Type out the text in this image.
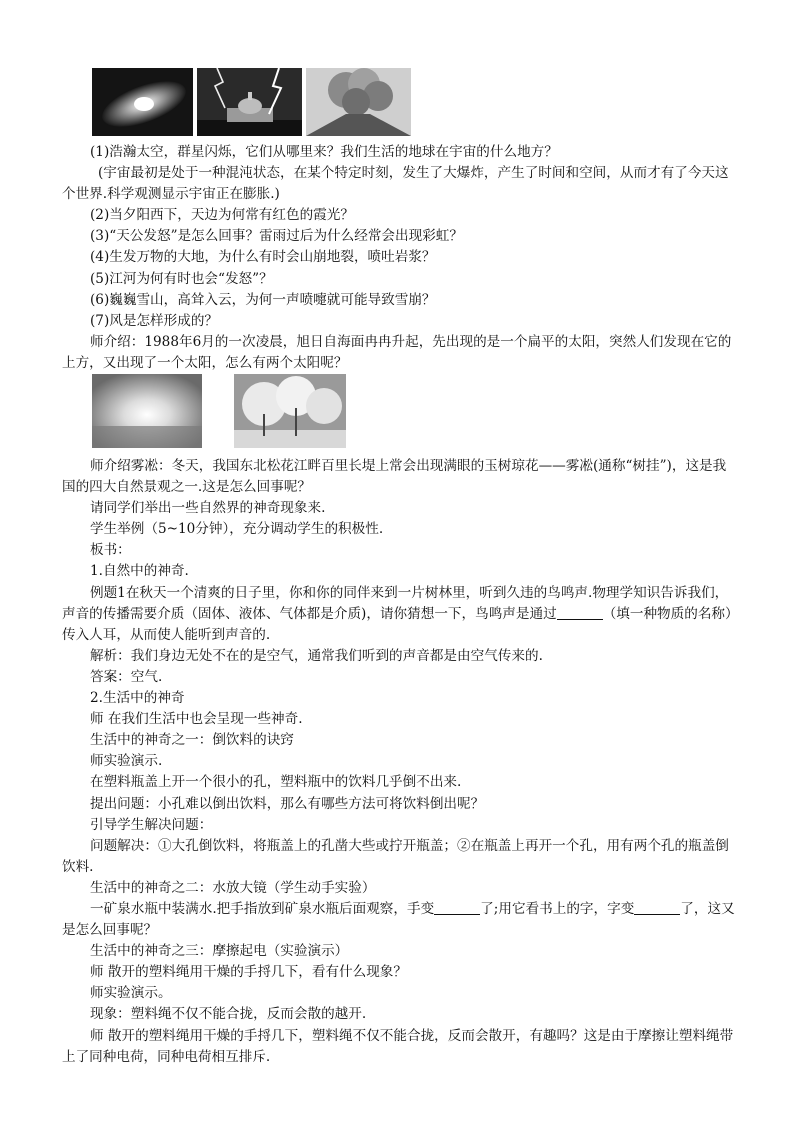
(1)浩瀚太空，群星闪烁，它们从哪里来？我们生活的地球在宇宙的什么地方？

(宇宙最初是处于一种混沌状态，在某个特定时刻，发生了大爆炸，产生了时间和空间，从而才有了今天这个世界.科学观测显示宇宙正在膨胀.)

(2)当夕阳西下，天边为何常有红色的霞光？

(3)“天公发怒”是怎么回事？雷雨过后为什么经常会出现彩虹？

(4)生发万物的大地，为什么有时会山崩地裂，喷吐岩浆？

(5)江河为何有时也会“发怒”？

(6)巍巍雪山，高耸入云，为何一声喷嚏就可能导致雪崩？

(7)风是怎样形成的？

师介绍：1988年6月的一次凌晨，旭日自海面冉冉升起，先出现的是一个扁平的太阳，突然人们发现在它的上方，又出现了一个太阳，怎么有两个太阳呢？

师介绍雾凇：冬天，我国东北松花江畔百里长堤上常会出现满眼的玉树琼花——雾凇(通称“树挂”)，这是我国的四大自然景观之一.这是怎么回事呢？

请同学们举出一些自然界的神奇现象来.

学生举例（5~10分钟），充分调动学生的积极性.

板书：

1.自然中的神奇.

例题1在秋天一个清爽的日子里，你和你的同伴来到一片树林里，听到久违的鸟鸣声.物理学知识告诉我们，声音的传播需要介质（固体、液体、气体都是介质)，请你猜想一下，鸟鸣声是通过	（填一种物质的名称）传入人耳，从而使人能听到声音的.

解析：我们身边无处不在的是空气，通常我们听到的声音都是由空气传来的.

答案：空气.

2.生活中的神奇

师 在我们生活中也会呈现一些神奇.

生活中的神奇之一：倒饮料的诀窍

师实验演示.

在塑料瓶盖上开一个很小的孔，塑料瓶中的饮料几乎倒不出来.

提出问题：小孔难以倒出饮料，那么有哪些方法可将饮料倒出呢？

引导学生解决问题：

问题解决：①大孔倒饮料，将瓶盖上的孔凿大些或拧开瓶盖；②在瓶盖上再开一个孔，用有两个孔的瓶盖倒饮料.

生活中的神奇之二：水放大镜（学生动手实验）

一矿泉水瓶中装满水.把手指放到矿泉水瓶后面观察，手变	了;用它看书上的字，字变	了，这又是怎么回事呢？

生活中的神奇之三：摩擦起电（实验演示）

师 散开的塑料绳用干燥的手捋几下，看有什么现象？

师实验演示。

现象：塑料绳不仅不能合拢，反而会散的越开.

师 散开的塑料绳用干燥的手捋几下，塑料绳不仅不能合拢，反而会散开，有趣吗？这是由于摩擦让塑料绳带上了同种电荷，同种电荷相互排斥.
